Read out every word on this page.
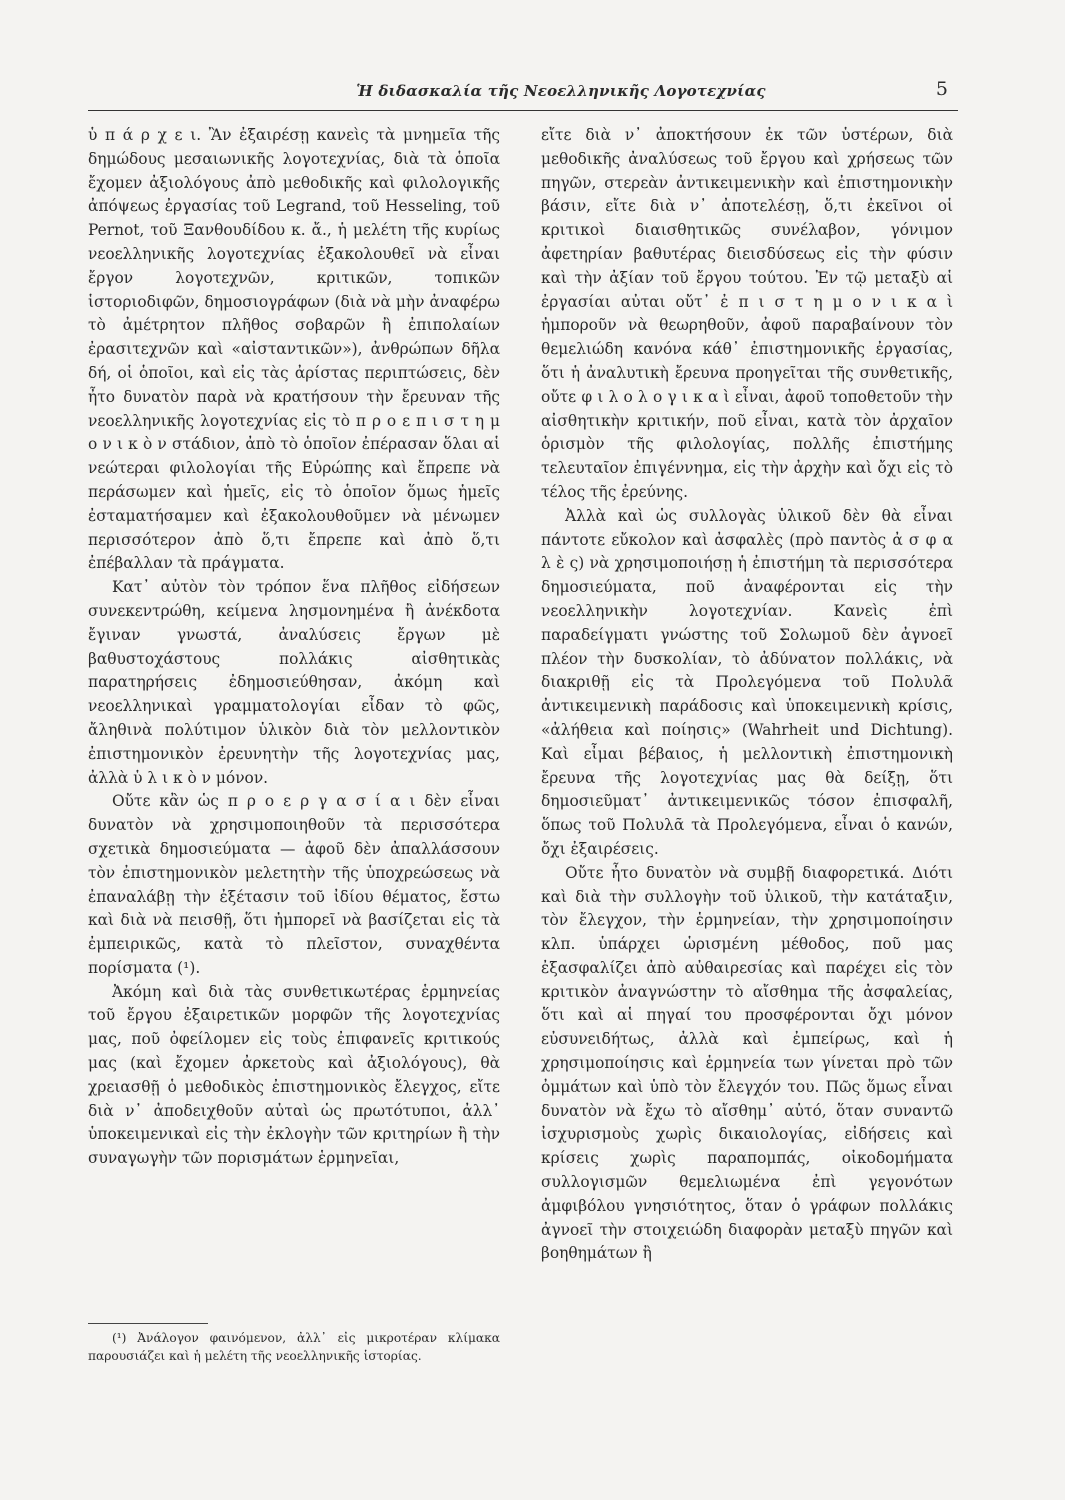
Ἡ διδασκαλία τῆς Νεοελληνικῆς Λογοτεχνίας	5

ὑ π ά ρ χ ε ι. Ἂν ἐξαιρέσῃ κανεὶς τὰ μνημεῖα τῆς δημώδους μεσαιωνικῆς λογοτεχνίας, διὰ τὰ ὁποῖα ἔχομεν ἀξιολόγους ἀπὸ μεθοδικῆς καὶ φιλολογικῆς ἀπόψεως ἐργασίας τοῦ Legrand, τοῦ Hesseling, τοῦ Pernot, τοῦ Ξανθουδίδου κ. ἄ., ἡ μελέτη τῆς κυρίως νεοελληνικῆς λογοτεχνίας ἐξακολουθεῖ νὰ εἶναι ἔργον λογοτεχνῶν, κριτικῶν, τοπικῶν ἱστοριοδιφῶν, δημοσιογράφων (διὰ νὰ μὴν ἀναφέρω τὸ ἀμέτρητον πλῆθος σοβαρῶν ἢ ἐπιπολαίων ἐρασιτεχνῶν καὶ «αἰσταντικῶν»), ἀνθρώπων δῆλα δή, οἱ ὁποῖοι, καὶ εἰς τὰς ἀρίστας περιπτώσεις, δὲν ἦτο δυνατὸν παρὰ νὰ κρατήσουν τὴν ἔρευναν τῆς νεοελληνικῆς λογοτεχνίας εἰς τὸ π ρ ο ε π ι σ τ η μ ο ν ι κ ὸ ν στάδιον, ἀπὸ τὸ ὁποῖον ἐπέρασαν ὅλαι αἱ νεώτεραι φιλολογίαι τῆς Εὐρώπης καὶ ἔπρεπε νὰ περάσωμεν καὶ ἡμεῖς, εἰς τὸ ὁποῖον ὅμως ἡμεῖς ἐσταματήσαμεν καὶ ἐξακολουθοῦμεν νὰ μένωμεν περισσότερον ἀπὸ ὅ,τι ἔπρεπε καὶ ἀπὸ ὅ,τι ἐπέβαλλαν τὰ πράγματα.

Κατ᾽ αὐτὸν τὸν τρόπον ἕνα πλῆθος εἰδήσεων συνεκεντρώθη, κείμενα λησμονημένα ἢ ἀνέκδοτα ἔγιναν γνωστά, ἀναλύσεις ἔργων μὲ βαθυστοχάστους πολλάκις αἰσθητικὰς παρατηρήσεις ἐδημοσιεύθησαν, ἀκόμη καὶ νεοελληνικαὶ γραμματολογίαι εἶδαν τὸ φῶς, ἄληθινὰ πολύτιμον ὑλικὸν διὰ τὸν μελλοντικὸν ἐπιστημονικὸν ἐρευνητὴν τῆς λογοτεχνίας μας, ἀλλὰ ὑ λ ι κ ὸ ν μόνον.

Οὔτε κἂν ὡς π ρ ο ε ρ γ α σ ί α ι δὲν εἶναι δυνατὸν νὰ χρησιμοποιηθοῦν τὰ περισσότερα σχετικὰ δημοσιεύματα — ἀφοῦ δὲν ἀπαλλάσσουν τὸν ἐπιστημονικὸν μελετητὴν τῆς ὑποχρεώσεως νὰ ἐπαναλάβῃ τὴν ἐξέτασιν τοῦ ἰδίου θέματος, ἔστω καὶ διὰ νὰ πεισθῇ, ὅτι ἠμπορεῖ νὰ βασίζεται εἰς τὰ ἐμπειρικῶς, κατὰ τὸ πλεῖστον, συναχθέντα πορίσματα (¹).

Ἀκόμη καὶ διὰ τὰς συνθετικωτέρας ἑρμηνείας τοῦ ἔργου ἐξαιρετικῶν μορφῶν τῆς λογοτεχνίας μας, ποῦ ὀφείλομεν εἰς τοὺς ἐπιφανεῖς κριτικούς μας (καὶ ἔχομεν ἀρκετοὺς καὶ ἀξιολόγους), θὰ χρειασθῇ ὁ μεθοδικὸς ἐπιστημονικὸς ἔλεγχος, εἴτε διὰ ν᾽ ἀποδειχθοῦν αὐταὶ ὡς πρωτότυποι, ἀλλ᾽ ὑποκειμενικαὶ εἰς τὴν ἐκλογὴν τῶν κριτηρίων ἢ τὴν συναγωγὴν τῶν πορισμάτων ἑρμηνεῖαι,

(¹) Ἀνάλογον φαινόμενον, ἀλλ᾽ εἰς μικροτέραν κλίμακα παρουσιάζει καὶ ἡ μελέτη τῆς νεοελληνικῆς ἱστορίας.

εἴτε διὰ ν᾽ ἀποκτήσουν ἐκ τῶν ὑστέρων, διὰ μεθοδικῆς ἀναλύσεως τοῦ ἔργου καὶ χρήσεως τῶν πηγῶν, στερεὰν ἀντικειμενικὴν καὶ ἐπιστημονικὴν βάσιν, εἴτε διὰ ν᾽ ἀποτελέσῃ, ὅ,τι ἐκεῖνοι οἱ κριτικοὶ διαισθητικῶς συνέλαβον, γόνιμον ἀφετηρίαν βαθυτέρας διεισδύσεως εἰς τὴν φύσιν καὶ τὴν ἀξίαν τοῦ ἔργου τούτου. Ἐν τῷ μεταξὺ αἱ ἐργασίαι αὐται οὔτ᾽ ἐ π ι σ τ η μ ο ν ι κ α ὶ ἠμποροῦν νὰ θεωρηθοῦν, ἀφοῦ παραβαίνουν τὸν θεμελιώδη κανόνα κάθ᾽ ἐπιστημονικῆς ἐργασίας, ὅτι ἡ ἀναλυτικὴ ἔρευνα προηγεῖται τῆς συνθετικῆς, οὔτε φ ι λ ο λ ο γ ι κ α ὶ εἶναι, ἀφοῦ τοποθετοῦν τὴν αἰσθητικὴν κριτικήν, ποῦ εἶναι, κατὰ τὸν ἀρχαῖον ὁρισμὸν τῆς φιλολογίας, πολλῆς ἐπιστήμης τελευταῖον ἐπιγέννημα, εἰς τὴν ἀρχὴν καὶ ὄχι εἰς τὸ τέλος τῆς ἐρεύνης.

Ἀλλὰ καὶ ὡς συλλογὰς ὑλικοῦ δὲν θὰ εἶναι πάντοτε εὔκολον καὶ ἀσφαλὲς (πρὸ παντὸς ἀ σ φ α λ ὲ ς) νὰ χρησιμοποιήσῃ ἡ ἐπιστήμη τὰ περισσότερα δημοσιεύματα, ποῦ ἀναφέρονται εἰς τὴν νεοελληνικὴν λογοτεχνίαν. Κανεὶς ἐπὶ παραδείγματι γνώστης τοῦ Σολωμοῦ δὲν ἀγνοεῖ πλέον τὴν δυσκολίαν, τὸ ἀδύνατον πολλάκις, νὰ διακριθῇ εἰς τὰ Προλεγόμενα τοῦ Πολυλᾶ ἀντικειμενικὴ παράδοσις καὶ ὑποκειμενικὴ κρίσις, «ἀλήθεια καὶ ποίησις» (Wahrheit und Dichtung). Καὶ εἶμαι βέβαιος, ἡ μελλοντικὴ ἐπιστημονικὴ ἔρευνα τῆς λογοτεχνίας μας θὰ δείξῃ, ὅτι δημοσιεῦματ᾽ ἀντικειμενικῶς τόσον ἐπισφαλῆ, ὅπως τοῦ Πολυλᾶ τὰ Προλεγόμενα, εἶναι ὁ κανών, ὄχι ἐξαιρέσεις.

Οὔτε ἦτο δυνατὸν νὰ συμβῇ διαφορετικά. Διότι καὶ διὰ τὴν συλλογὴν τοῦ ὑλικοῦ, τὴν κατάταξιν, τὸν ἔλεγχον, τὴν ἑρμηνείαν, τὴν χρησιμοποίησιν κλπ. ὑπάρχει ὡρισμένη μέθοδος, ποῦ μας ἐξασφαλίζει ἀπὸ αὐθαιρεσίας καὶ παρέχει εἰς τὸν κριτικὸν ἀναγνώστην τὸ αἴσθημα τῆς ἀσφαλείας, ὅτι καὶ αἱ πηγαί του προσφέρονται ὄχι μόνον εὐσυνειδήτως, ἀλλὰ καὶ ἐμπείρως, καὶ ἡ χρησιμοποίησις καὶ ἑρμηνεία των γίνεται πρὸ τῶν ὀμμάτων καὶ ὑπὸ τὸν ἔλεγχόν του. Πῶς ὅμως εἶναι δυνατὸν νὰ ἔχω τὸ αἴσθημ᾽ αὐτό, ὅταν συναντῶ ἰσχυρισμοὺς χωρὶς δικαιολογίας, εἰδήσεις καὶ κρίσεις χωρὶς παραπομπάς, οἰκοδομήματα συλλογισμῶν θεμελιωμένα ἐπὶ γεγονότων ἀμφιβόλου γνησιότητος, ὅταν ὁ γράφων πολλάκις ἀγνοεῖ τὴν στοιχειώδη διαφορὰν μεταξὺ πηγῶν καὶ βοηθημάτων ἢ
